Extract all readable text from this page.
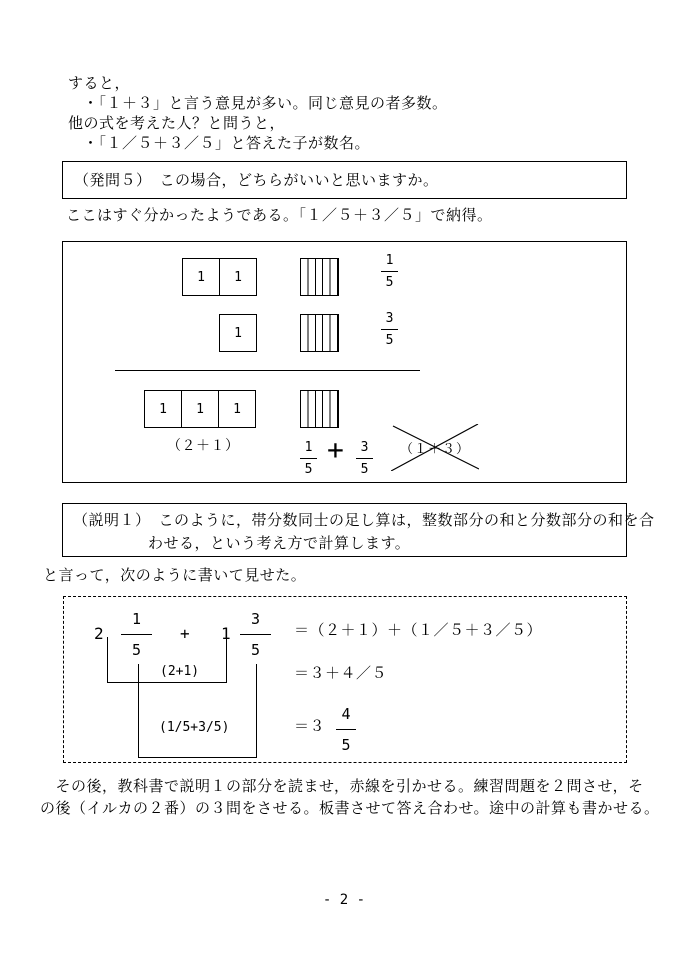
すると，
・「１＋３」と言う意見が多い。同じ意見の者多数。
他の式を考えた人？と問うと，
・「１／５＋３／５」と答えた子が数名。
（発問５）　この場合，どちらがいいと思いますか。
ここはすぐ分かったようである。「１／５＋３／５」で納得。
1	1
1
5
1
3
5
1	1	1
（２＋１）	1
5
+	3
5
（１＋３）
（説明１）　このように，帯分数同士の足し算は，整数部分の和と分数部分の和を合
わせる，という考え方で計算します。
と言って，次のように書いて見せた。
2
1
5
+ 1
3
5
＝（２＋１）＋（１／５＋３／５）
＝３＋４／５
＝３
4
5
(2+1)
(1/5+3/5)
　その後，教科書で説明１の部分を読ませ，赤線を引かせる。練習問題を２問させ，そ
の後（イルカの２番）の３問をさせる。板書させて答え合わせ。途中の計算も書かせる。
- 2 -
